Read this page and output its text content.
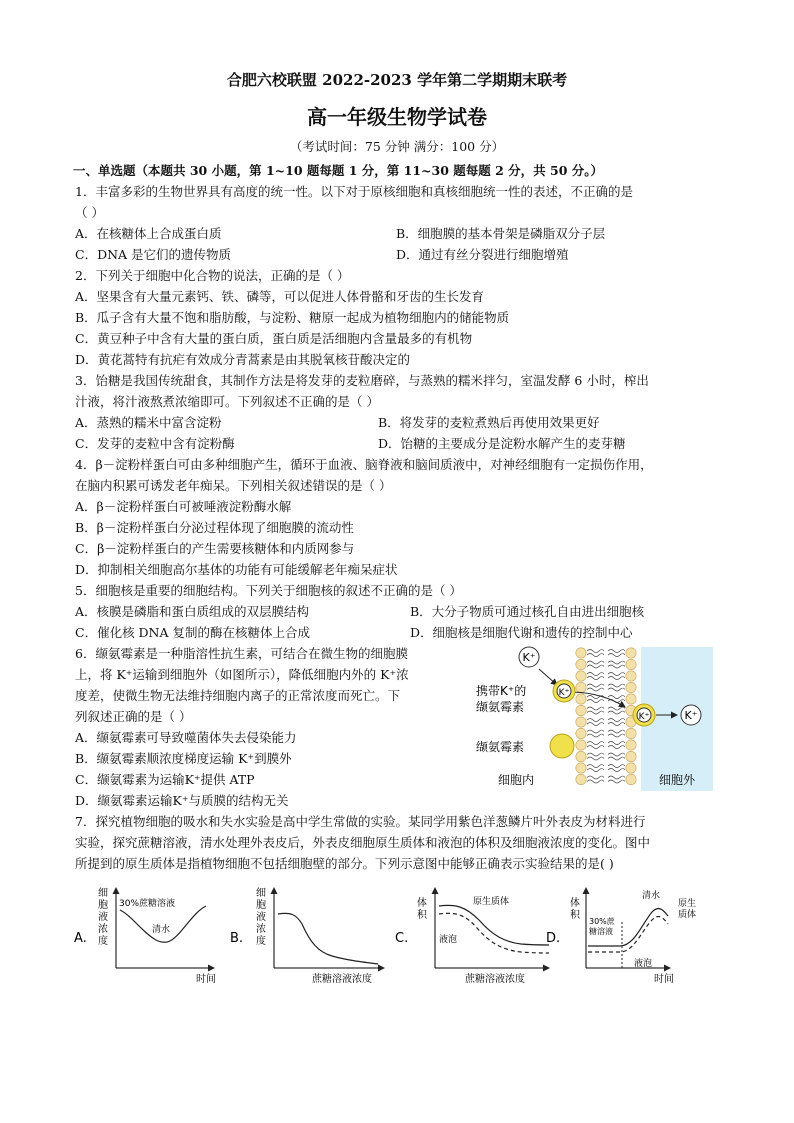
合肥六校联盟 2022-2023 学年第二学期期末联考
高一年级生物学试卷
（考试时间：75 分钟 满分：100 分）
一、单选题（本题共 30 小题，第 1~10 题每题 1 分，第 11~30 题每题 2 分，共 50 分。）
1．丰富多彩的生物世界具有高度的统一性。以下对于原核细胞和真核细胞统一性的表述，不正确的是
（ ）
A．在核糖体上合成蛋白质	B．细胞膜的基本骨架是磷脂双分子层
C．DNA 是它们的遗传物质	D．通过有丝分裂进行细胞增殖
2．下列关于细胞中化合物的说法，正确的是（ ）
A．坚果含有大量元素钙、铁、磷等，可以促进人体骨骼和牙齿的生长发育
B．瓜子含有大量不饱和脂肪酸，与淀粉、糖原一起成为植物细胞内的储能物质
C．黄豆种子中含有大量的蛋白质，蛋白质是活细胞内含量最多的有机物
D．黄花蒿特有抗疟有效成分青蒿素是由其脱氧核苷酸决定的
3．饴糖是我国传统甜食，其制作方法是将发芽的麦粒磨碎，与蒸熟的糯米拌匀，室温发酵 6 小时，榨出
汁液，将汁液熬煮浓缩即可。下列叙述不正确的是（ ）
A．蒸熟的糯米中富含淀粉	B．将发芽的麦粒煮熟后再使用效果更好
C．发芽的麦粒中含有淀粉酶	D．饴糖的主要成分是淀粉水解产生的麦芽糖
4．β－淀粉样蛋白可由多种细胞产生，循环于血液、脑脊液和脑间质液中，对神经细胞有一定损伤作用，
在脑内积累可诱发老年痴呆。下列相关叙述错误的是（ ）
A．β－淀粉样蛋白可被唾液淀粉酶水解
B．β－淀粉样蛋白分泌过程体现了细胞膜的流动性
C．β－淀粉样蛋白的产生需要核糖体和内质网参与
D．抑制相关细胞高尔基体的功能有可能缓解老年痴呆症状
5．细胞核是重要的细胞结构。下列关于细胞核的叙述不正确的是（ ）
A．核膜是磷脂和蛋白质组成的双层膜结构	B．大分子物质可通过核孔自由进出细胞核
C．催化核 DNA 复制的酶在核糖体上合成	D．细胞核是细胞代谢和遗传的控制中心
6．缬氨霉素是一种脂溶性抗生素，可结合在微生物的细胞膜
上，将 K⁺运输到细胞外（如图所示），降低细胞内外的 K⁺浓
度差，使微生物无法维持细胞内离子的正常浓度而死亡。下
列叙述正确的是（ ）
A．缬氨霉素可导致噬菌体失去侵染能力
B．缬氨霉素顺浓度梯度运输 K⁺到膜外
C．缬氨霉素为运输K⁺提供 ATP
D．缬氨霉素运输K⁺与质膜的结构无关
K⁺
K⁺
K⁺	K⁺
携带K⁺的
缬氨霉素
缬氨霉素
细胞内	细胞外
7．探究植物细胞的吸水和失水实验是高中学生常做的实验。某同学用紫色洋葱鳞片叶外表皮为材料进行
实验，探究蔗糖溶液，清水处理外表皮后，外表皮细胞原生质体和液泡的体积及细胞液浓度的变化。图中
所提到的原生质体是指植物细胞不包括细胞壁的部分。下列示意图中能够正确表示实验结果的是( )
A.
细
胞
液
浓
度
30%蔗糖溶液
清水
时间
B.
细
胞
液
浓
度
蔗糖溶液浓度
C.
体
积
原生质体
液泡
蔗糖溶液浓度
D.
体
积
30%蔗
糖溶液
清水
原生
质体
液泡
时间
